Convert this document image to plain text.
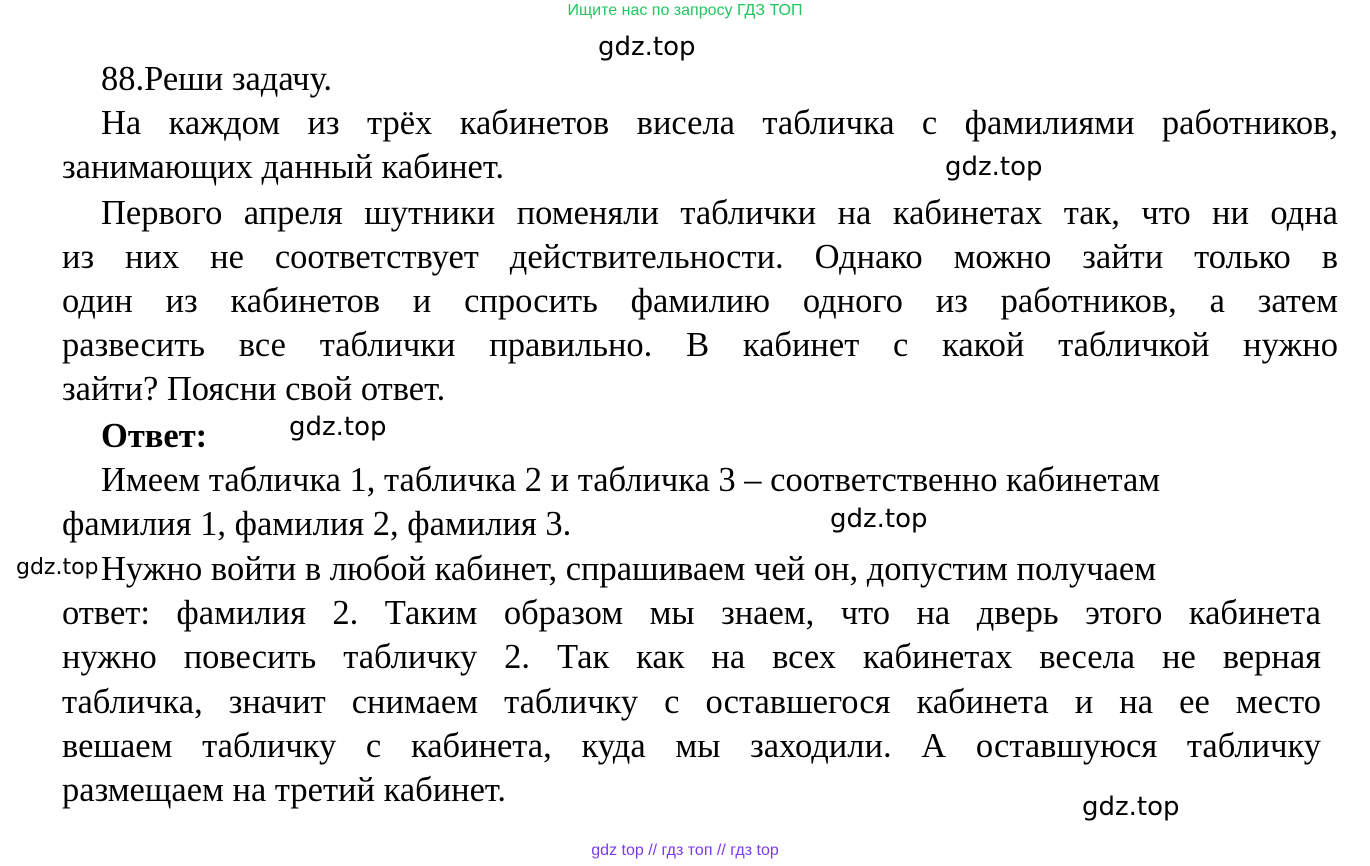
Ищите нас по запросу ГДЗ ТОП
gdz.top
88.Реши задачу.
На каждом из трёх кабинетов висела табличка с фамилиями работников,
занимающих данный кабинет.	gdz.top
Первого апреля шутники поменяли таблички на кабинетах так, что ни одна
из них не соответствует действительности. Однако можно зайти только в
один из кабинетов и спросить фамилию одного из работников, а затем
развесить все таблички правильно. В кабинет с какой табличкой нужно
зайти? Поясни свой ответ.
Ответ:	gdz.top
Имеем табличка 1, табличка 2 и табличка 3 – соответственно кабинетам
фамилия 1, фамилия 2, фамилия 3.	gdz.top
gdz.top Нужно войти в любой кабинет, спрашиваем чей он, допустим получаем
ответ: фамилия 2. Таким образом мы знаем, что на дверь этого кабинета
нужно повесить табличку 2. Так как на всех кабинетах весела не верная
табличка, значит снимаем табличку с оставшегося кабинета и на ее место
вешаем табличку с кабинета, куда мы заходили. А оставшуюся табличку
размещаем на третий кабинет.	gdz.top
gdz top // гдз топ // гдз top
